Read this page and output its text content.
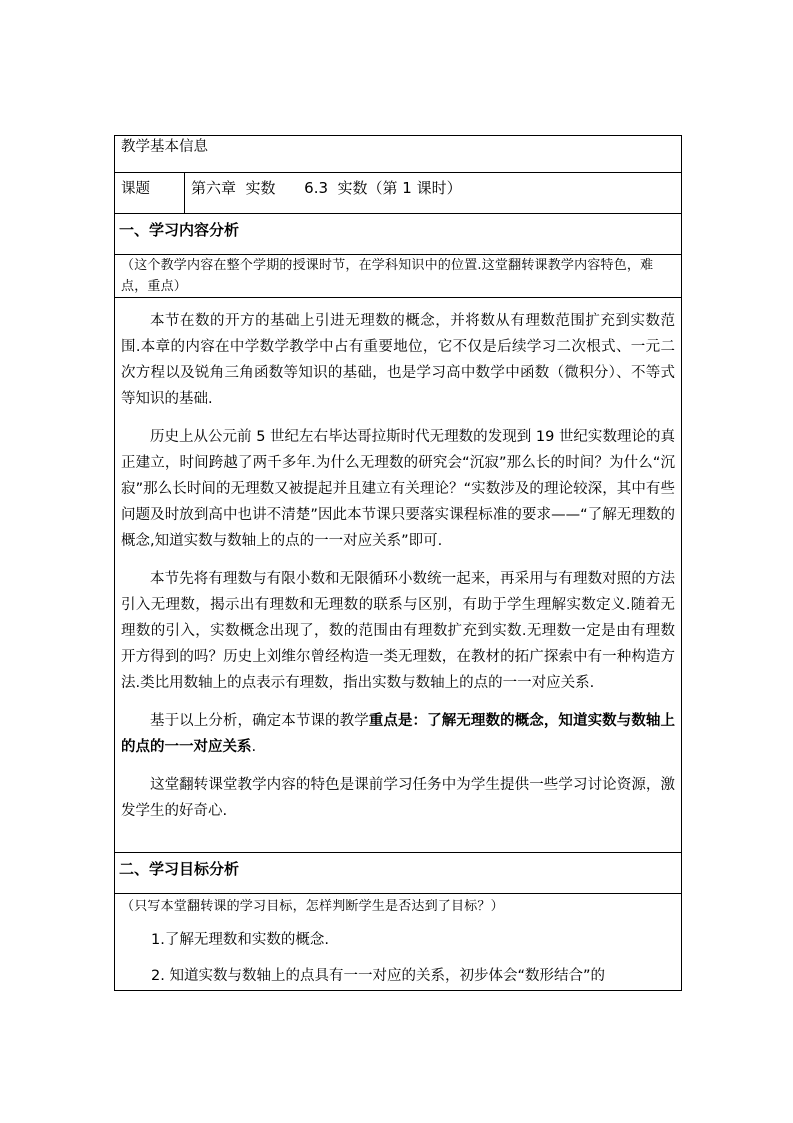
教学基本信息

课题	第六章  实数      6.3  实数（第 1 课时）

一、学习内容分析

（这个教学内容在整个学期的授课时节，在学科知识中的位置.这堂翻转课教学内容特色，难点，重点）

本节在数的开方的基础上引进无理数的概念，并将数从有理数范围扩充到实数范围.本章的内容在中学数学教学中占有重要地位，它不仅是后续学习二次根式、一元二次方程以及锐角三角函数等知识的基础，也是学习高中数学中函数（微积分）、不等式等知识的基础.

历史上从公元前 5 世纪左右毕达哥拉斯时代无理数的发现到 19 世纪实数理论的真正建立，时间跨越了两千多年.为什么无理数的研究会“沉寂”那么长的时间？为什么“沉寂”那么长时间的无理数又被提起并且建立有关理论？“实数涉及的理论较深，其中有些问题及时放到高中也讲不清楚”因此本节课只要落实课程标准的要求——“了解无理数的概念,知道实数与数轴上的点的一一对应关系”即可.

本节先将有理数与有限小数和无限循环小数统一起来，再采用与有理数对照的方法引入无理数，揭示出有理数和无理数的联系与区别，有助于学生理解实数定义.随着无理数的引入，实数概念出现了，数的范围由有理数扩充到实数.无理数一定是由有理数开方得到的吗？历史上刘维尔曾经构造一类无理数，在教材的拓广探索中有一种构造方法.类比用数轴上的点表示有理数，指出实数与数轴上的点的一一对应关系.

基于以上分析，确定本节课的教学重点是：了解无理数的概念，知道实数与数轴上的点的一一对应关系.

这堂翻转课堂教学内容的特色是课前学习任务中为学生提供一些学习讨论资源，激发学生的好奇心.

二、学习目标分析

（只写本堂翻转课的学习目标，怎样判断学生是否达到了目标？）

1.了解无理数和实数的概念.

2. 知道实数与数轴上的点具有一一对应的关系，初步体会“数形结合”的
